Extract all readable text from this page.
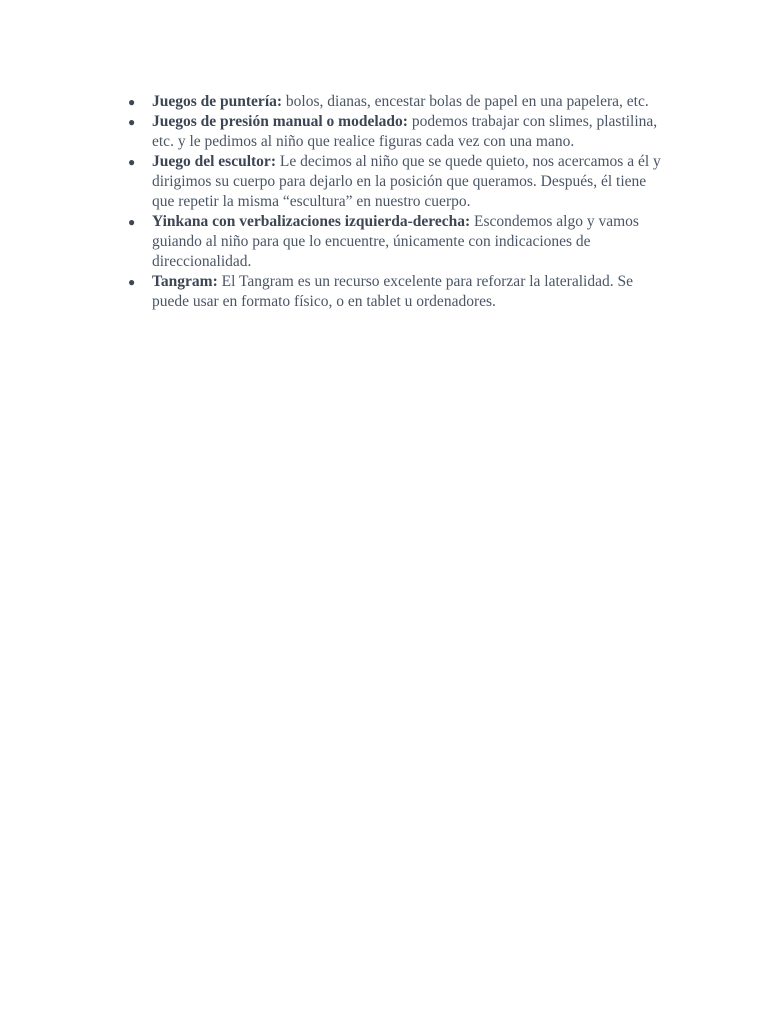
● Juegos de puntería: bolos, dianas, encestar bolas de papel en una papelera, etc.
● Juegos de presión manual o modelado: podemos trabajar con slimes, plastilina, etc. y le pedimos al niño que realice figuras cada vez con una mano.
● Juego del escultor: Le decimos al niño que se quede quieto, nos acercamos a él y dirigimos su cuerpo para dejarlo en la posición que queramos. Después, él tiene que repetir la misma “escultura” en nuestro cuerpo.
● Yinkana con verbalizaciones izquierda-derecha: Escondemos algo y vamos guiando al niño para que lo encuentre, únicamente con indicaciones de direccionalidad.
● Tangram: El Tangram es un recurso excelente para reforzar la lateralidad. Se puede usar en formato físico, o en tablet u ordenadores.
